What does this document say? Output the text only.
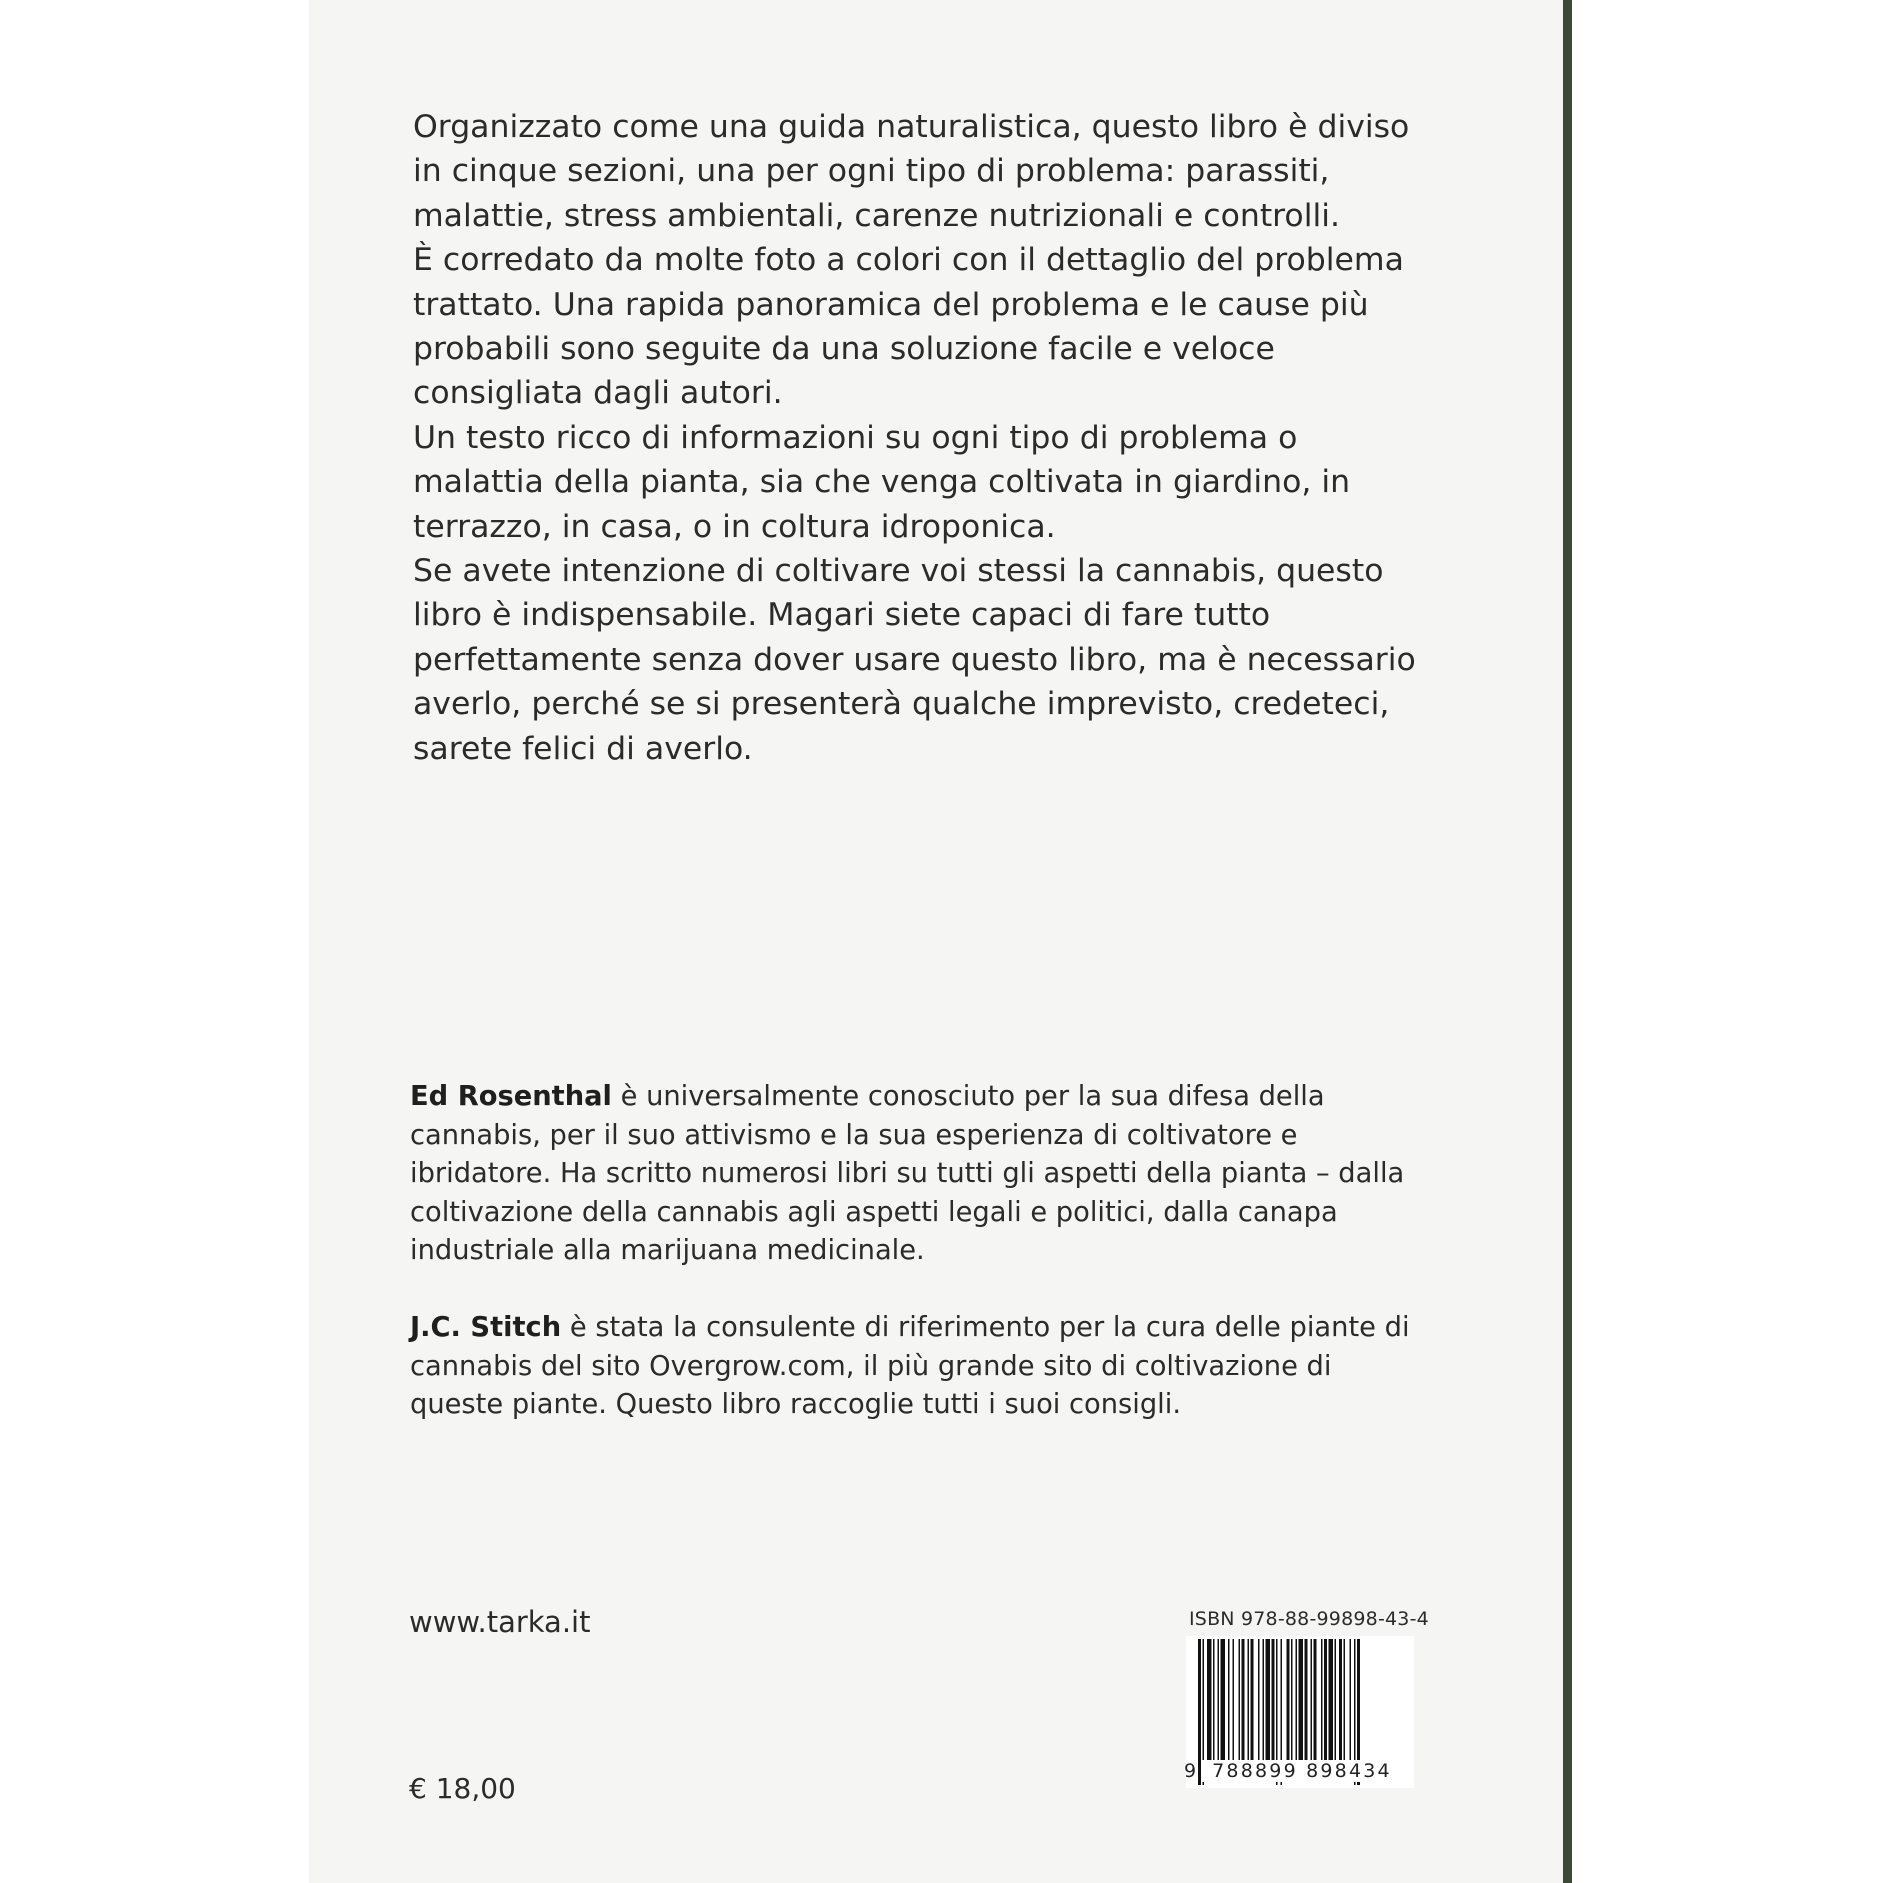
Organizzato come una guida naturalistica, questo libro è diviso in cinque sezioni, una per ogni tipo di problema: parassiti, malattie, stress ambientali, carenze nutrizionali e controlli.

È corredato da molte foto a colori con il dettaglio del problema trattato. Una rapida panoramica del problema e le cause più probabili sono seguite da una soluzione facile e veloce consigliata dagli autori.

Un testo ricco di informazioni su ogni tipo di problema o malattia della pianta, sia che venga coltivata in giardino, in terrazzo, in casa, o in coltura idroponica.

Se avete intenzione di coltivare voi stessi la cannabis, questo libro è indispensabile. Magari siete capaci di fare tutto perfettamente senza dover usare questo libro, ma è necessario averlo, perché se si presenterà qualche imprevisto, credeteci, sarete felici di averlo.

Ed Rosenthal è universalmente conosciuto per la sua difesa della cannabis, per il suo attivismo e la sua esperienza di coltivatore e ibridatore. Ha scritto numerosi libri su tutti gli aspetti della pianta – dalla coltivazione della cannabis agli aspetti legali e politici, dalla canapa industriale alla marijuana medicinale.

J.C. Stitch è stata la consulente di riferimento per la cura delle piante di cannabis del sito Overgrow.com, il più grande sito di coltivazione di queste piante. Questo libro raccoglie tutti i suoi consigli.

www.tarka.it
€ 18,00
ISBN 978-88-99898-43-4
9 788899 898434
